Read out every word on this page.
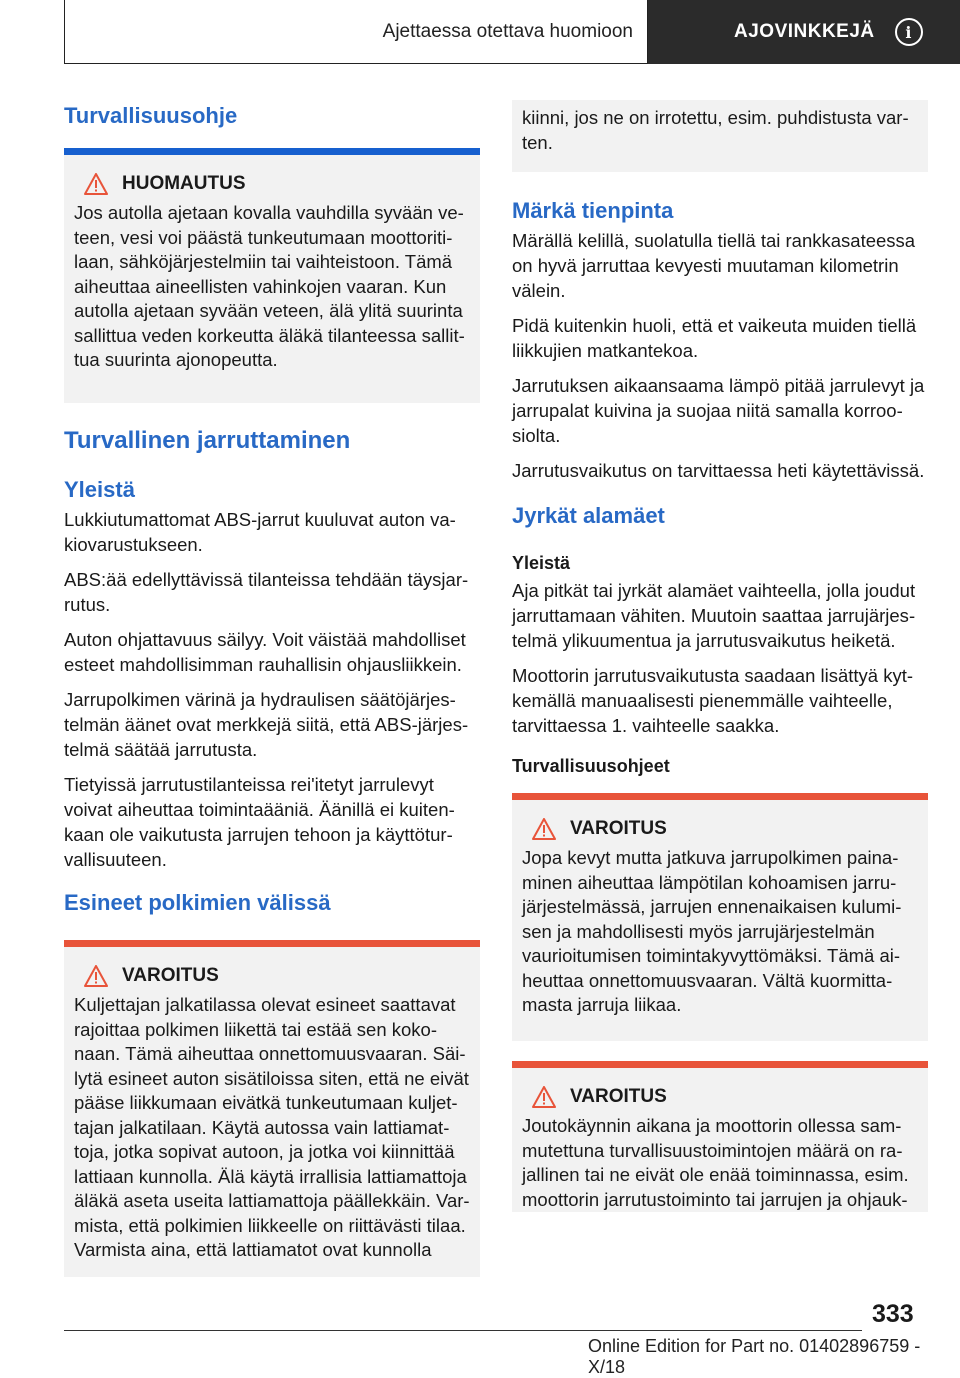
Ajettaessa otettava huomioon	AJOVINKKEJÄ	i
Turvallisuusohje
HUOMAUTUS

Jos autolla ajetaan kovalla vauhdilla syvään veteen, vesi voi päästä tunkeutumaan moottoritilaan, sähköjärjestelmiin tai vaihteistoon. Tämä aiheuttaa aineellisten vahinkojen vaaran. Kun autolla ajetaan syvään veteen, älä ylitä suurinta sallittua veden korkeutta äläkä tilanteessa sallittua suurinta ajonopeutta.

Turvallinen jarruttaminen
Yleistä

Lukkiutumattomat ABS-jarrut kuuluvat auton vakiovarustukseen.

ABS:ää edellyttävissä tilanteissa tehdään täysjarrutus.

Auton ohjattavuus säilyy. Voit väistää mahdolliset esteet mahdollisimman rauhallisin ohjausliikkein.

Jarrupolkimen värinä ja hydraulisen säätöjärjestelmän äänet ovat merkkejä siitä, että ABS-järjestelmä säätää jarrutusta.

Tietyissä jarrutustilanteissa rei'itetyt jarrulevyt voivat aiheuttaa toimintaääniä. Äänillä ei kuitenkaan ole vaikutusta jarrujen tehoon ja käyttöturvallisuuteen.

Esineet polkimien välissä
VAROITUS

Kuljettajan jalkatilassa olevat esineet saattavat rajoittaa polkimen liikettä tai estää sen kokonaan. Tämä aiheuttaa onnettomuusvaaran. Säilytä esineet auton sisätiloissa siten, että ne eivät pääse liikkumaan eivätkä tunkeutumaan kuljettajan jalkatilaan. Käytä autossa vain lattiamattoja, jotka sopivat autoon, ja jotka voi kiinnittää lattiaan kunnolla. Älä käytä irrallisia lattiamattoja äläkä aseta useita lattiamattoja päällekkäin. Varmista, että polkimien liikkeelle on riittävästi tilaa. Varmista aina, että lattiamatot ovat kunnolla

kiinni, jos ne on irrotettu, esim. puhdistusta varten.

Märkä tienpinta

Märällä kelillä, suolatulla tiellä tai rankkasateessa on hyvä jarruttaa kevyesti muutaman kilometrin välein.

Pidä kuitenkin huoli, että et vaikeuta muiden tiellä liikkujien matkantekoa.

Jarrutuksen aikaansaama lämpö pitää jarrulevyt ja jarrupalat kuivina ja suojaa niitä samalla korroosiolta.

Jarrutusvaikutus on tarvittaessa heti käytettävissä.

Jyrkät alamäet
Yleistä

Aja pitkät tai jyrkät alamäet vaihteella, jolla joudut jarruttamaan vähiten. Muutoin saattaa jarrujärjestelmä ylikuumentua ja jarrutusvaikutus heiketä.

Moottorin jarrutusvaikutusta saadaan lisättyä kytkemällä manuaalisesti pienemmälle vaihteelle, tarvittaessa 1. vaihteelle saakka.

Turvallisuusohjeet
VAROITUS

Jopa kevyt mutta jatkuva jarrupolkimen painaminen aiheuttaa lämpötilan kohoamisen jarrujärjestelmässä, jarrujen ennenaikaisen kulumisen ja mahdollisesti myös jarrujärjestelmän vaurioitumisen toimintakyvyttömäksi. Tämä aiheuttaa onnettomuusvaaran. Vältä kuormittamasta jarruja liikaa.

VAROITUS

Joutokäynnin aikana ja moottorin ollessa sammutettuna turvallisuustoimintojen määrä on rajallinen tai ne eivät ole enää toiminnassa, esim. moottorin jarrutustoiminto tai jarrujen ja ohjauk-

333
Online Edition for Part no. 01402896759 - X/18
